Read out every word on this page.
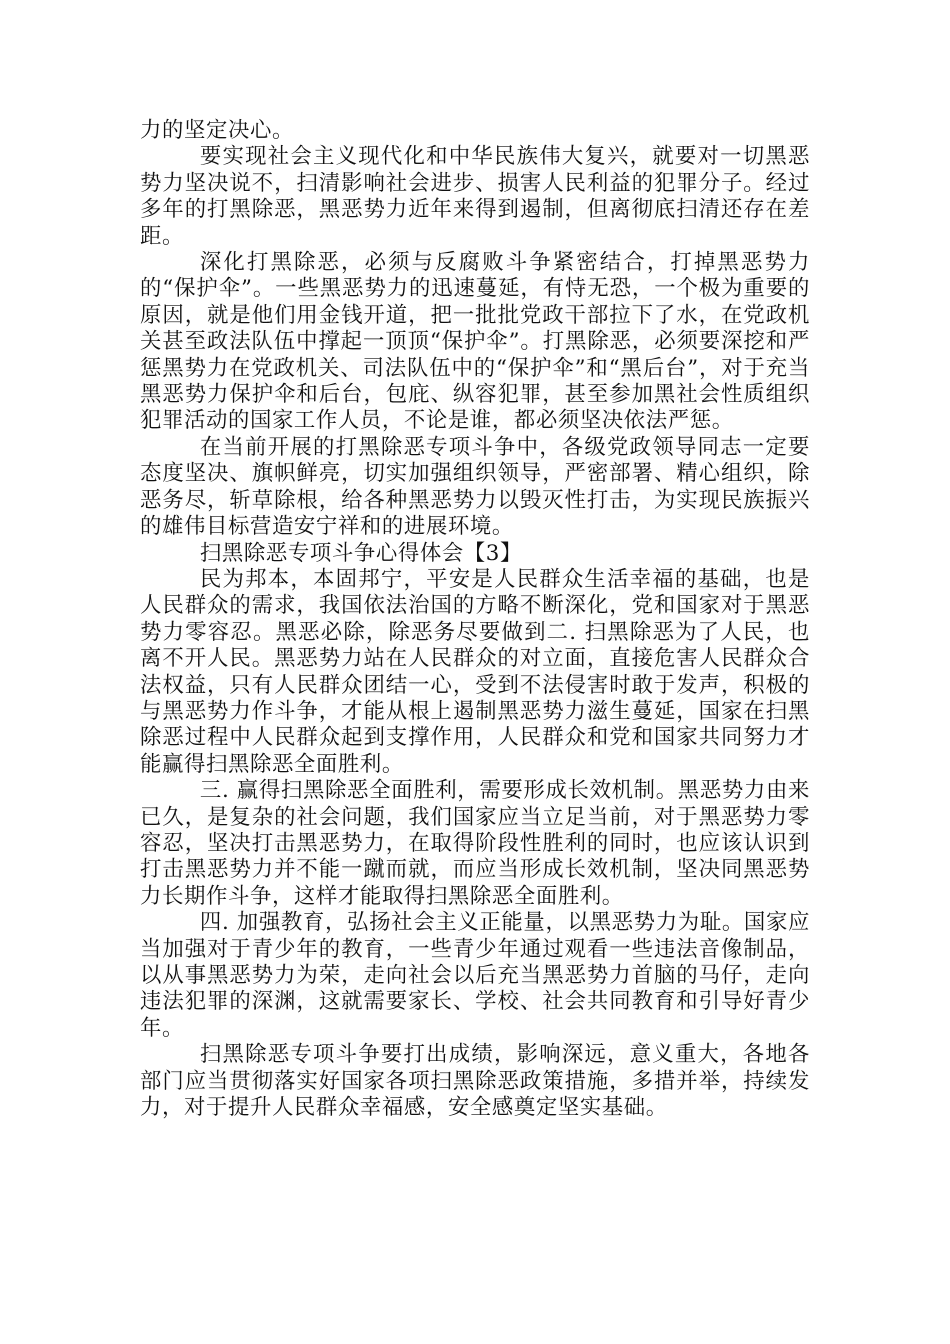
力的坚定决心。

要实现社会主义现代化和中华民族伟大复兴，就要对一切黑恶势力坚决说不，扫清影响社会进步、损害人民利益的犯罪分子。经过多年的打黑除恶，黑恶势力近年来得到遏制，但离彻底扫清还存在差距。

深化打黑除恶，必须与反腐败斗争紧密结合，打掉黑恶势力的“保护伞”。一些黑恶势力的迅速蔓延，有恃无恐，一个极为重要的原因，就是他们用金钱开道，把一批批党政干部拉下了水，在党政机关甚至政法队伍中撑起一顶顶“保护伞”。打黑除恶，必须要深挖和严惩黑势力在党政机关、司法队伍中的“保护伞”和“黑后台”，对于充当黑恶势力保护伞和后台，包庇、纵容犯罪，甚至参加黑社会性质组织犯罪活动的国家工作人员，不论是谁，都必须坚决依法严惩。

在当前开展的打黑除恶专项斗争中，各级党政领导同志一定要态度坚决、旗帜鲜亮，切实加强组织领导，严密部署、精心组织，除恶务尽，斩草除根，给各种黑恶势力以毁灭性打击，为实现民族振兴的雄伟目标营造安宁祥和的进展环境。

扫黑除恶专项斗争心得体会【3】

民为邦本，本固邦宁，平安是人民群众生活幸福的基础，也是人民群众的需求，我国依法治国的方略不断深化，党和国家对于黑恶势力零容忍。黑恶必除，除恶务尽要做到二. 扫黑除恶为了人民，也离不开人民。黑恶势力站在人民群众的对立面，直接危害人民群众合法权益，只有人民群众团结一心，受到不法侵害时敢于发声，积极的与黑恶势力作斗争，才能从根上遏制黑恶势力滋生蔓延，国家在扫黑除恶过程中人民群众起到支撑作用，人民群众和党和国家共同努力才能赢得扫黑除恶全面胜利。

三. 赢得扫黑除恶全面胜利，需要形成长效机制。黑恶势力由来已久，是复杂的社会问题，我们国家应当立足当前，对于黑恶势力零容忍，坚决打击黑恶势力，在取得阶段性胜利的同时，也应该认识到打击黑恶势力并不能一蹴而就，而应当形成长效机制，坚决同黑恶势力长期作斗争，这样才能取得扫黑除恶全面胜利。

四. 加强教育，弘扬社会主义正能量，以黑恶势力为耻。国家应当加强对于青少年的教育，一些青少年通过观看一些违法音像制品，以从事黑恶势力为荣，走向社会以后充当黑恶势力首脑的马仔，走向违法犯罪的深渊，这就需要家长、学校、社会共同教育和引导好青少年。

扫黑除恶专项斗争要打出成绩，影响深远，意义重大，各地各部门应当贯彻落实好国家各项扫黑除恶政策措施，多措并举，持续发力，对于提升人民群众幸福感，安全感奠定坚实基础。
